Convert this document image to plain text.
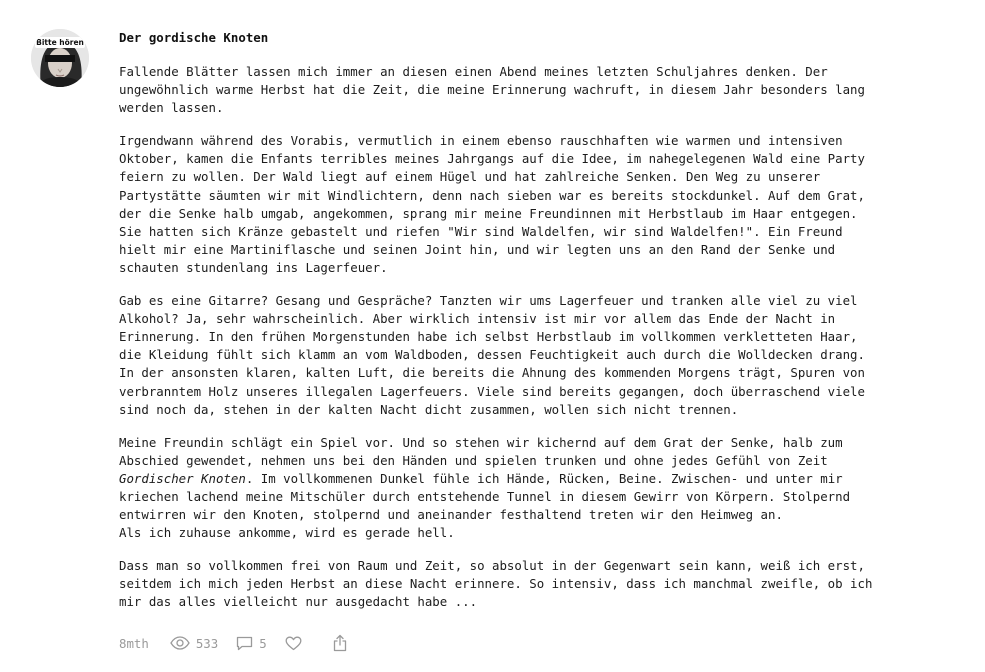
Bitte hören	Der gordische Knoten

Fallende Blätter lassen mich immer an diesen einen Abend meines letzten Schuljahres denken. Der
ungewöhnlich warme Herbst hat die Zeit, die meine Erinnerung wachruft, in diesem Jahr besonders lang
werden lassen.

Irgendwann während des Vorabis, vermutlich in einem ebenso rauschhaften wie warmen und intensiven
Oktober, kamen die Enfants terribles meines Jahrgangs auf die Idee, im nahegelegenen Wald eine Party
feiern zu wollen. Der Wald liegt auf einem Hügel und hat zahlreiche Senken. Den Weg zu unserer
Partystätte säumten wir mit Windlichtern, denn nach sieben war es bereits stockdunkel. Auf dem Grat,
der die Senke halb umgab, angekommen, sprang mir meine Freundinnen mit Herbstlaub im Haar entgegen.
Sie hatten sich Kränze gebastelt und riefen "Wir sind Waldelfen, wir sind Waldelfen!". Ein Freund
hielt mir eine Martiniflasche und seinen Joint hin, und wir legten uns an den Rand der Senke und
schauten stundenlang ins Lagerfeuer.

Gab es eine Gitarre? Gesang und Gespräche? Tanzten wir ums Lagerfeuer und tranken alle viel zu viel
Alkohol? Ja, sehr wahrscheinlich. Aber wirklich intensiv ist mir vor allem das Ende der Nacht in
Erinnerung. In den frühen Morgenstunden habe ich selbst Herbstlaub im vollkommen verkletteten Haar,
die Kleidung fühlt sich klamm an vom Waldboden, dessen Feuchtigkeit auch durch die Wolldecken drang.
In der ansonsten klaren, kalten Luft, die bereits die Ahnung des kommenden Morgens trägt, Spuren von
verbranntem Holz unseres illegalen Lagerfeuers. Viele sind bereits gegangen, doch überraschend viele
sind noch da, stehen in der kalten Nacht dicht zusammen, wollen sich nicht trennen.

Meine Freundin schlägt ein Spiel vor. Und so stehen wir kichernd auf dem Grat der Senke, halb zum
Abschied gewendet, nehmen uns bei den Händen und spielen trunken und ohne jedes Gefühl von Zeit
Gordischer Knoten. Im vollkommenen Dunkel fühle ich Hände, Rücken, Beine. Zwischen- und unter mir
kriechen lachend meine Mitschüler durch entstehende Tunnel in diesem Gewirr von Körpern. Stolpernd
entwirren wir den Knoten, stolpernd und aneinander festhaltend treten wir den Heimweg an.
Als ich zuhause ankomme, wird es gerade hell.

Dass man so vollkommen frei von Raum und Zeit, so absolut in der Gegenwart sein kann, weiß ich erst,
seitdem ich mich jeden Herbst an diese Nacht erinnere. So intensiv, dass ich manchmal zweifle, ob ich
mir das alles vielleicht nur ausgedacht habe ...

8mth	533	5
